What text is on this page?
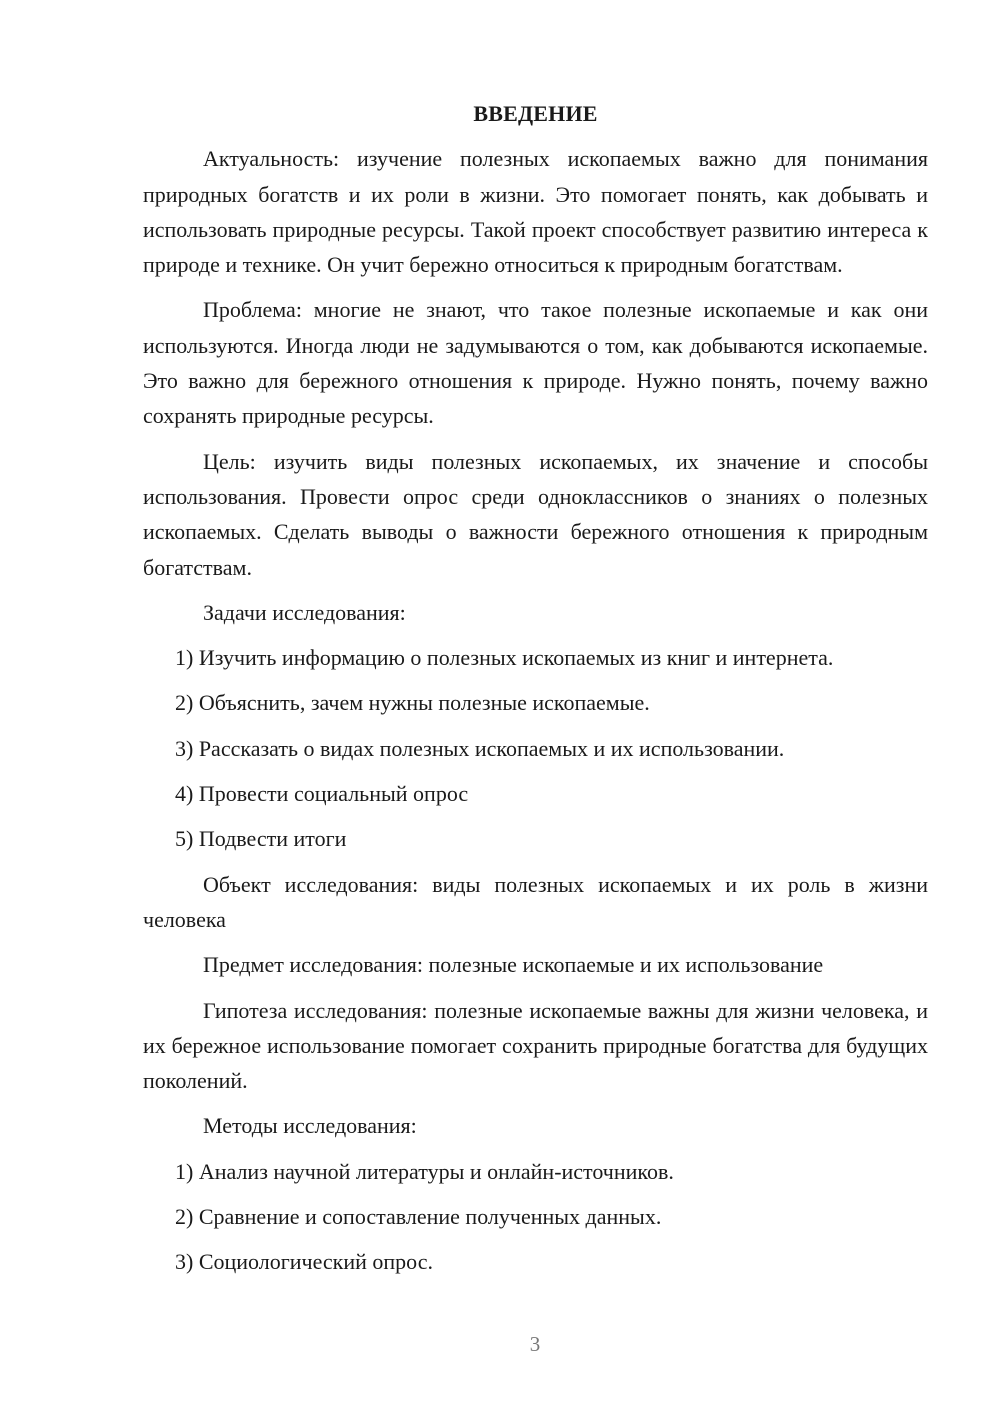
ВВЕДЕНИЕ

Актуальность: изучение полезных ископаемых важно для понимания природных богатств и их роли в жизни. Это помогает понять, как добывать и использовать природные ресурсы. Такой проект способствует развитию интереса к природе и технике. Он учит бережно относиться к природным богатствам.

Проблема: многие не знают, что такое полезные ископаемые и как они используются. Иногда люди не задумываются о том, как добываются ископаемые. Это важно для бережного отношения к природе. Нужно понять, почему важно сохранять природные ресурсы.

Цель: изучить виды полезных ископаемых, их значение и способы использования. Провести опрос среди одноклассников о знаниях о полезных ископаемых. Сделать выводы о важности бережного отношения к природным богатствам.

Задачи исследования:

1) Изучить информацию о полезных ископаемых из книг и интернета.

2) Объяснить, зачем нужны полезные ископаемые.

3) Рассказать о видах полезных ископаемых и их использовании.

4) Провести социальный опрос

5) Подвести итоги

Объект исследования: виды полезных ископаемых и их роль в жизни человека

Предмет исследования: полезные ископаемые и их использование

Гипотеза исследования: полезные ископаемые важны для жизни человека, и их бережное использование помогает сохранить природные богатства для будущих поколений.

Методы исследования:

1) Анализ научной литературы и онлайн-источников.

2) Сравнение и сопоставление полученных данных.

3) Социологический опрос.

3
